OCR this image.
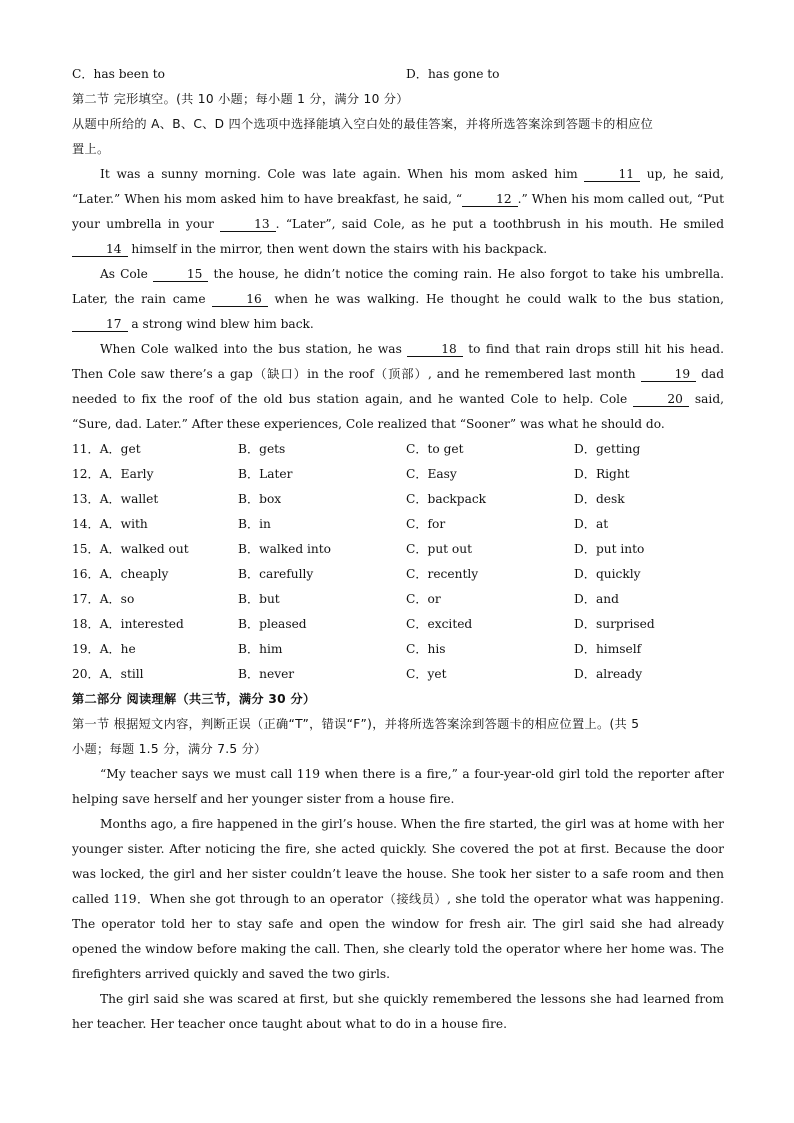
C．has been to	D．has gone to
第二节 完形填空。(共 10 小题；每小题 1 分，满分 10 分）
从题中所给的 A、B、C、D 四个选项中选择能填入空白处的最佳答案，并将所选答案涂到答题卡的相应位
置上。

It was a sunny morning. Cole was late again. When his mom asked him	11 up, he said, “Later.” When his mom asked him to have breakfast, he said, “	12 .” When his mom called out, “Put your umbrella in your	13 . “Later”, said Cole, as he put a toothbrush in his mouth. He smiled 14 himself in the mirror, then went down the stairs with his backpack.

As Cole	15 the house, he didn’t notice the coming rain. He also forgot to take his umbrella. Later, the rain came	16 when he was walking. He thought he could walk to the bus station, 17 a strong wind blew him back.

When Cole walked into the bus station, he was	18 to find that rain drops still hit his head. Then Cole saw there’s a gap（缺口）in the roof（顶部）, and he remembered last month	19 dad needed to fix the roof of the old bus station again, and he wanted Cole to help. Cole	20 said, “Sure, dad. Later.” After these experiences, Cole realized that “Sooner” was what he should do.

11．A．get	B．gets	C．to get	D．getting
12．A．Early	B．Later	C．Easy	D．Right
13．A．wallet	B．box	C．backpack	D．desk
14．A．with	B．in	C．for	D．at
15．A．walked out	B．walked into	C．put out	D．put into
16．A．cheaply	B．carefully	C．recently	D．quickly
17．A．so	B．but	C．or	D．and
18．A．interested	B．pleased	C．excited	D．surprised
19．A．he	B．him	C．his	D．himself
20．A．still	B．never	C．yet	D．already
第二部分 阅读理解（共三节，满分 30 分）
第一节 根据短文内容，判断正误（正确“T”，错误“F”)，并将所选答案涂到答题卡的相应位置上。(共 5
小题；每题 1.5 分，满分 7.5 分）

“My teacher says we must call 119 when there is a fire,” a four-year-old girl told the reporter after helping save herself and her younger sister from a house fire.

Months ago, a fire happened in the girl’s house. When the fire started, the girl was at home with her younger sister. After noticing the fire, she acted quickly. She covered the pot at first. Because the door was locked, the girl and her sister couldn’t leave the house. She took her sister to a safe room and then called 119．When she got through to an operator（接线员）, she told the operator what was happening. The operator told her to stay safe and open the window for fresh air. The girl said she had already opened the window before making the call. Then, she clearly told the operator where her home was. The firefighters arrived quickly and saved the two girls.

The girl said she was scared at first, but she quickly remembered the lessons she had learned from her teacher. Her teacher once taught about what to do in a house fire.
